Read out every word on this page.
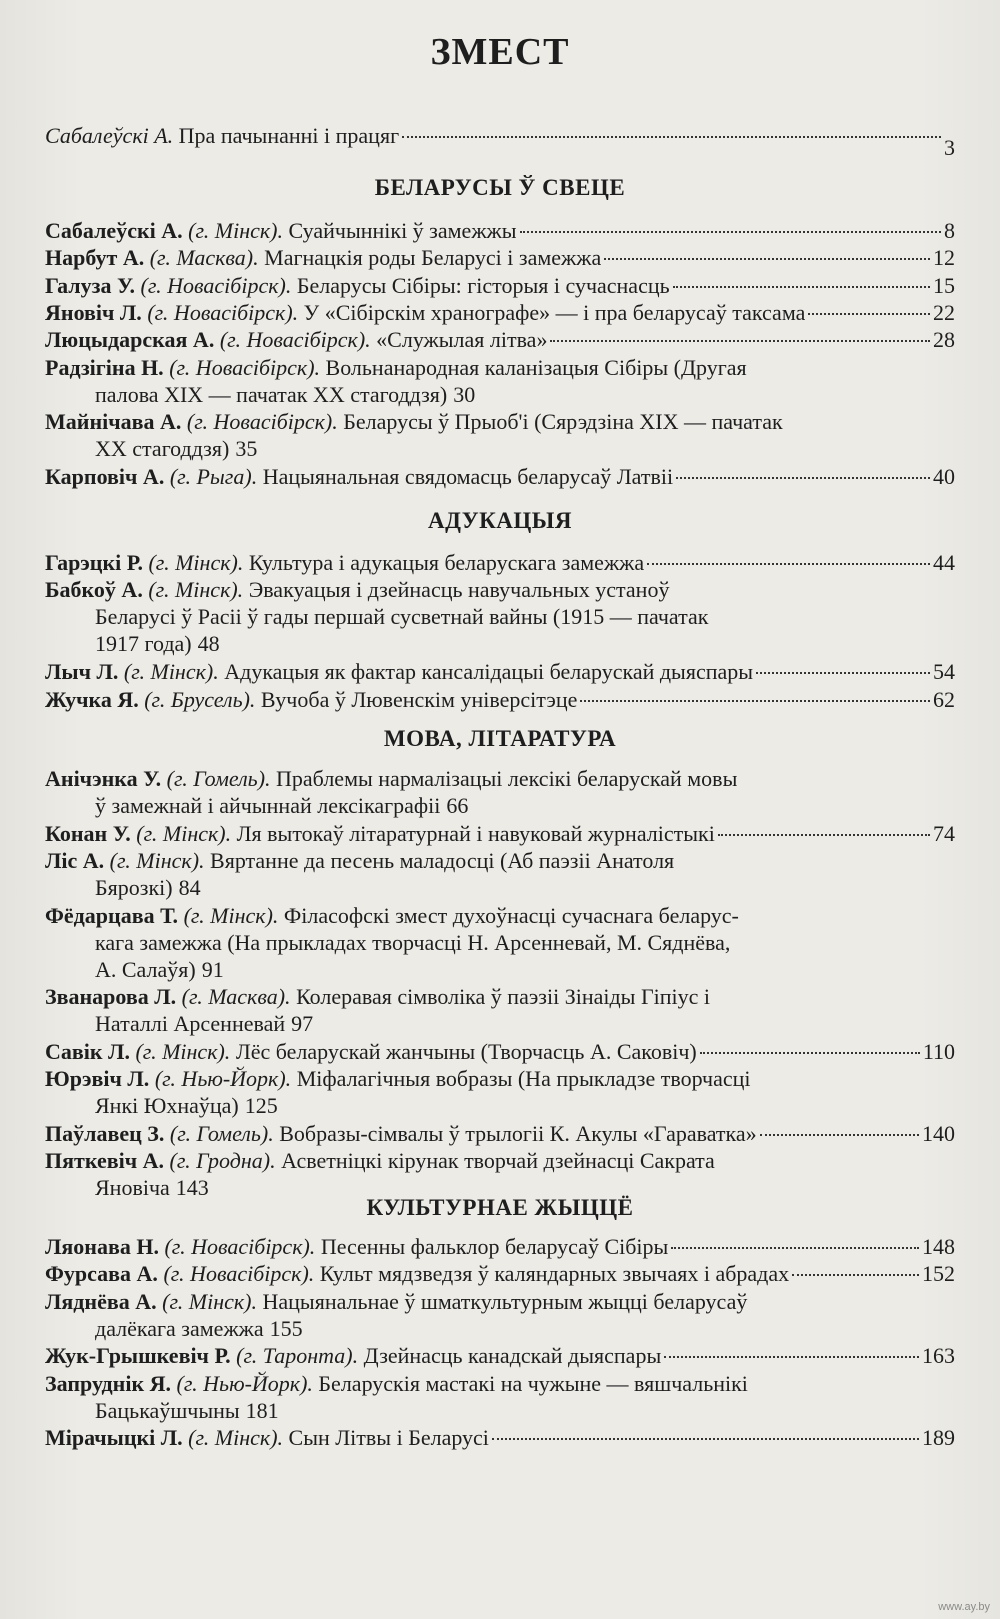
ЗМЕСТ
Сабалеўскі А. Пра пачынанні і працяг	3
БЕЛАРУСЫ Ў СВЕЦЕ
Сабалеўскі А. (г. Мінск). Суайчыннікі ў замежжы	8
Нарбут А. (г. Масква). Магнацкія роды Беларусі і замежжа	12
Галуза У. (г. Новасібірск). Беларусы Сібіры: гісторыя і сучаснасць	15
Яновіч Л. (г. Новасібірск). У «Сібірскім хранографе» — і пра беларусаў таксама	22
Люцыдарская А. (г. Новасібірск). «Служылая літва»	28
Радзігіна Н. (г. Новасібірск). Вольнанародная каланізацыя Сібіры (Другая
палова XIX — пачатак XX стагоддзя) 30
Майнічава А. (г. Новасібірск). Беларусы ў Прыоб'і (Сярэдзіна XIX — пачатак
XX стагоддзя) 35
Карповіч А. (г. Рыга). Нацыянальная свядомасць беларусаў Латвіі	40
АДУКАЦЫЯ
Гарэцкі Р. (г. Мінск). Культура і адукацыя беларускага замежжа	44
Бабкоў А. (г. Мінск). Эвакуацыя і дзейнасць навучальных устаноў
Беларусі ў Расіі ў гады першай сусветнай вайны (1915 — пачатак
1917 года) 48
Лыч Л. (г. Мінск). Адукацыя як фактар кансалідацыі беларускай дыяспары	54
Жучка Я. (г. Брусель). Вучоба ў Лювенскім універсітэце	62
МОВА, ЛІТАРАТУРА
Анічэнка У. (г. Гомель). Праблемы нармалізацыі лексікі беларускай мовы
ў замежнай і айчыннай лексікаграфіі 66
Конан У. (г. Мінск). Ля вытокаў літаратурнай і навуковай журналістыкі	74
Ліс А. (г. Мінск). Вяртанне да песень маладосці (Аб паэзіі Анатоля
Бярозкі) 84
Фёдарцава Т. (г. Мінск). Філасофскі змест духоўнасці сучаснага беларус-
кага замежжа (На прыкладах творчасці Н. Арсенневай, М. Сяднёва,
А. Салаўя) 91
Званарова Л. (г. Масква). Колеравая сімволіка ў паэзіі Зінаіды Гіпіус і
Наталлі Арсенневай 97
Савік Л. (г. Мінск). Лёс беларускай жанчыны (Творчасць А. Саковіч)	110
Юрэвіч Л. (г. Нью-Йорк). Міфалагічныя вобразы (На прыкладзе творчасці
Янкі Юхнаўца) 125
Паўлавец З. (г. Гомель). Вобразы-сімвалы ў трылогіі К. Акулы «Гараватка»	140
Пяткевіч А. (г. Гродна). Асветніцкі кірунак творчай дзейнасці Сакрата
Яновіча 143
КУЛЬТУРНАЕ ЖЫЦЦЁ
Ляонава Н. (г. Новасібірск). Песенны фальклор беларусаў Сібіры	148
Фурсава А. (г. Новасібірск). Культ мядзведзя ў каляндарных звычаях і абрадах	152
Ляднёва А. (г. Мінск). Нацыянальнае ў шматкультурным жыцці беларусаў
далёкага замежжа 155
Жук-Грышкевіч Р. (г. Таронта). Дзейнасць канадскай дыяспары	163
Запруднік Я. (г. Нью-Йорк). Беларускія мастакі на чужыне — вяшчальнікі
Бацькаўшчыны 181
Мірачыцкі Л. (г. Мінск). Сын Літвы і Беларусі	189
www.ay.by
